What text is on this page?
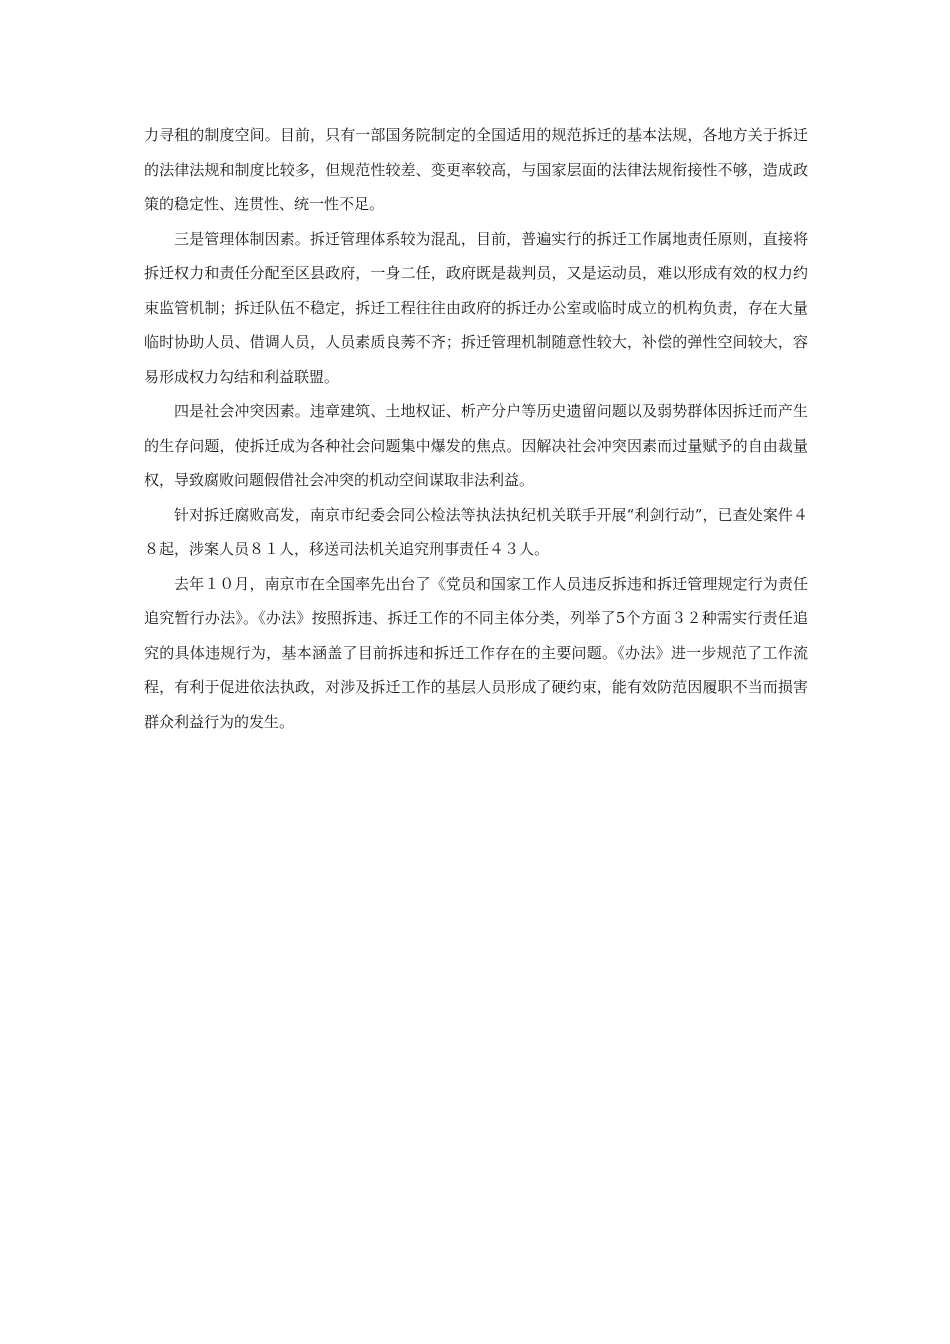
力寻租的制度空间。目前，只有一部国务院制定的全国适用的规范拆迁的基本法规，各地方关于拆迁的法律法规和制度比较多，但规范性较差、变更率较高，与国家层面的法律法规衔接性不够，造成政策的稳定性、连贯性、统一性不足。

三是管理体制因素。拆迁管理体系较为混乱，目前，普遍实行的拆迁工作属地责任原则，直接将拆迁权力和责任分配至区县政府，一身二任，政府既是裁判员，又是运动员，难以形成有效的权力约束监管机制；拆迁队伍不稳定，拆迁工程往往由政府的拆迁办公室或临时成立的机构负责，存在大量临时协助人员、借调人员，人员素质良莠不齐；拆迁管理机制随意性较大，补偿的弹性空间较大，容易形成权力勾结和利益联盟。

四是社会冲突因素。违章建筑、土地权证、析产分户等历史遗留问题以及弱势群体因拆迁而产生的生存问题，使拆迁成为各种社会问题集中爆发的焦点。因解决社会冲突因素而过量赋予的自由裁量权，导致腐败问题假借社会冲突的机动空间谋取非法利益。

针对拆迁腐败高发，南京市纪委会同公检法等执法执纪机关联手开展“利剑行动”，已查处案件４８起，涉案人员８１人，移送司法机关追究刑事责任４３人。

去年１０月，南京市在全国率先出台了《党员和国家工作人员违反拆违和拆迁管理规定行为责任追究暂行办法》。《办法》按照拆违、拆迁工作的不同主体分类，列举了5个方面３２种需实行责任追究的具体违规行为，基本涵盖了目前拆违和拆迁工作存在的主要问题。《办法》进一步规范了工作流程，有利于促进依法执政，对涉及拆迁工作的基层人员形成了硬约束，能有效防范因履职不当而损害群众利益行为的发生。
